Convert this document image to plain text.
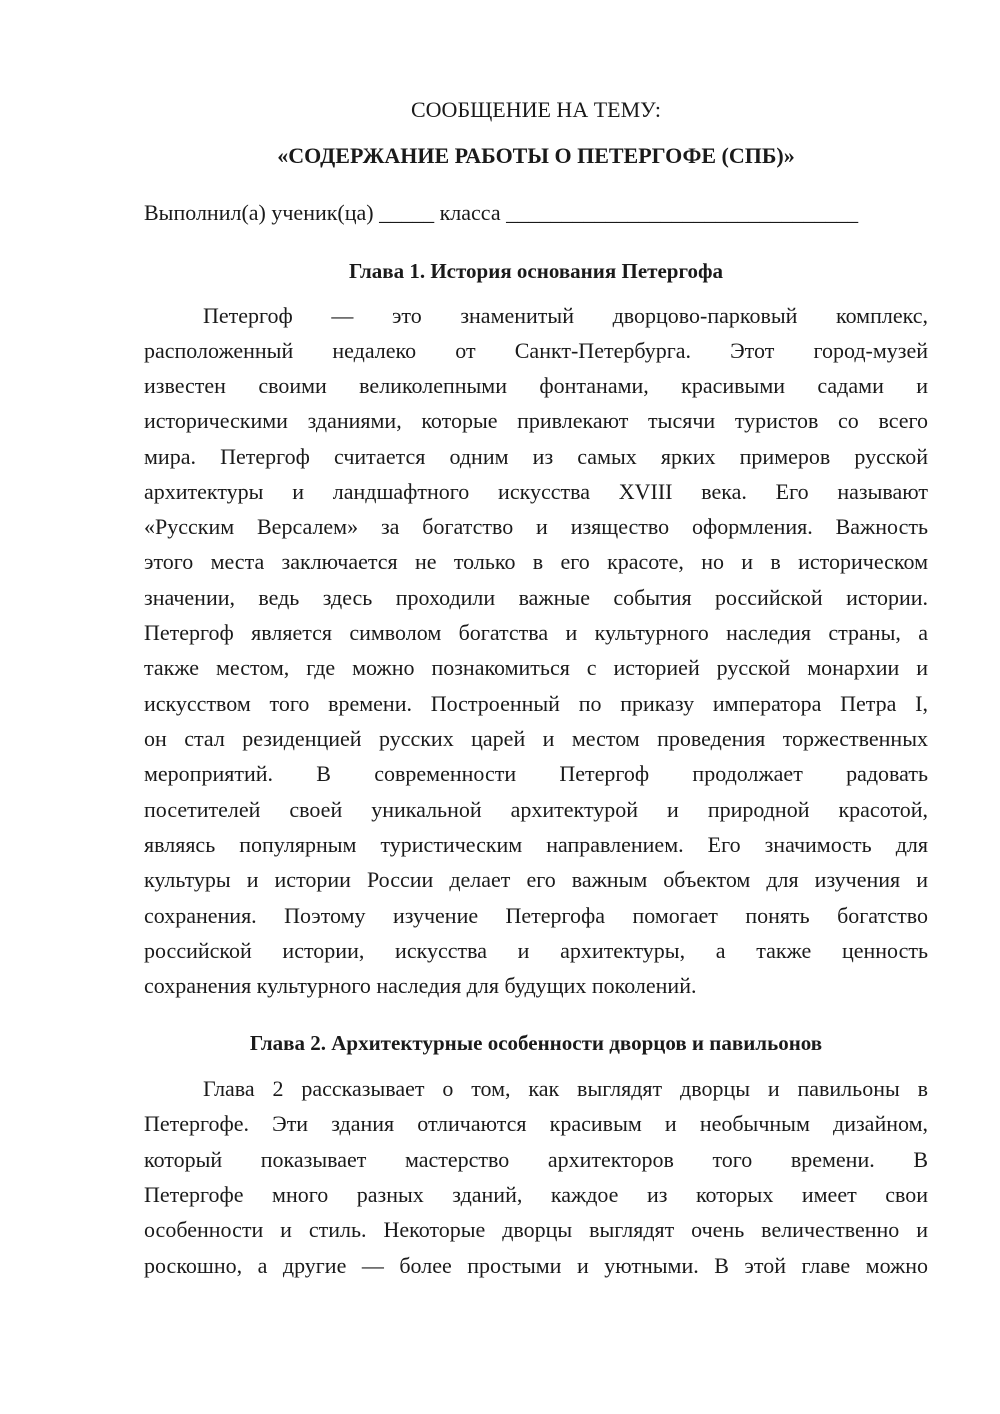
СООБЩЕНИЕ НА ТЕМУ:
«СОДЕРЖАНИЕ РАБОТЫ О ПЕТЕРГОФЕ (СПБ)»
Выполнил(а) ученик(ца) _____ класса ________________________________
Глава 1. История основания Петергофа
Петергоф — это знаменитый дворцово-парковый комплекс,
расположенный недалеко от Санкт-Петербурга. Этот город-музей
известен своими великолепными фонтанами, красивыми садами и
историческими зданиями, которые привлекают тысячи туристов со всего
мира. Петергоф считается одним из самых ярких примеров русской
архитектуры и ландшафтного искусства XVIII века. Его называют
«Русским Версалем» за богатство и изящество оформления. Важность
этого места заключается не только в его красоте, но и в историческом
значении, ведь здесь проходили важные события российской истории.
Петергоф является символом богатства и культурного наследия страны, а
также местом, где можно познакомиться с историей русской монархии и
искусством того времени. Построенный по приказу императора Петра I,
он стал резиденцией русских царей и местом проведения торжественных
мероприятий. В современности Петергоф продолжает радовать
посетителей своей уникальной архитектурой и природной красотой,
являясь популярным туристическим направлением. Его значимость для
культуры и истории России делает его важным объектом для изучения и
сохранения. Поэтому изучение Петергофа помогает понять богатство
российской истории, искусства и архитектуры, а также ценность
сохранения культурного наследия для будущих поколений.
Глава 2. Архитектурные особенности дворцов и павильонов
Глава 2 рассказывает о том, как выглядят дворцы и павильоны в
Петергофе. Эти здания отличаются красивым и необычным дизайном,
который показывает мастерство архитекторов того времени. В
Петергофе много разных зданий, каждое из которых имеет свои
особенности и стиль. Некоторые дворцы выглядят очень величественно и
роскошно, а другие — более простыми и уютными. В этой главе можно
